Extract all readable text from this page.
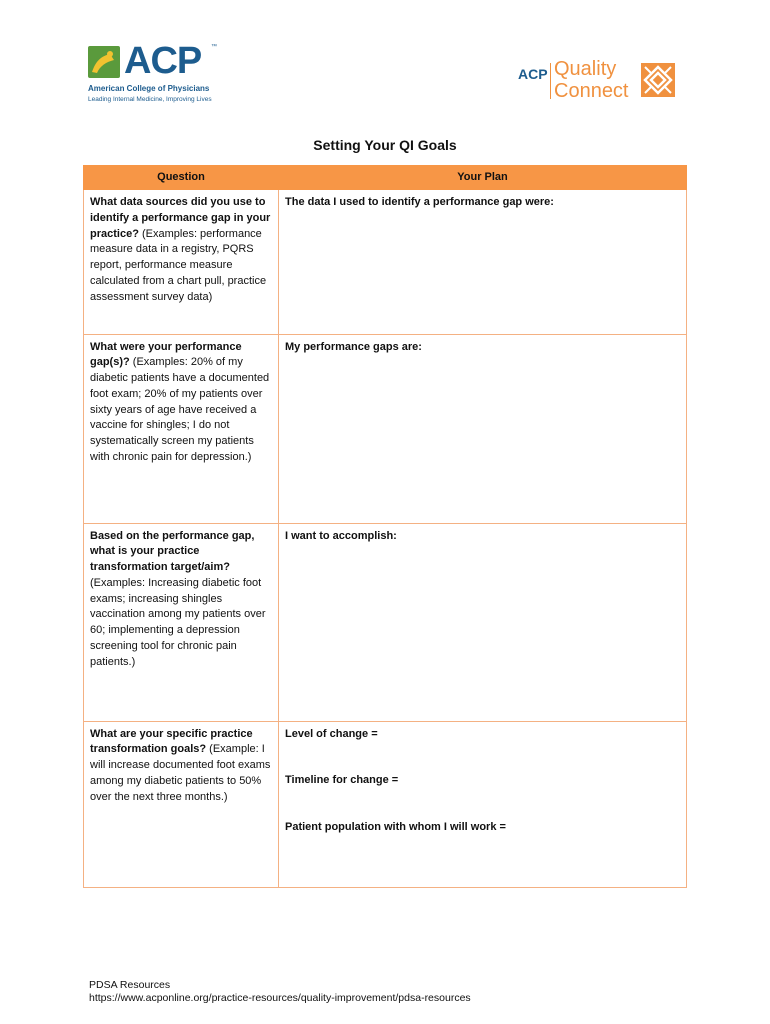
ACP ™
American College of Physicians
Leading Internal Medicine, Improving Lives
ACP Quality
Connect
Setting Your QI Goals
Question	Your Plan
What data sources did you use to identify a performance gap in your practice? (Examples: performance measure data in a registry, PQRS report, performance measure calculated from a chart pull, practice assessment survey data)	The data I used to identify a performance gap were:

What were your performance gap(s)? (Examples: 20% of my diabetic patients have a documented foot exam; 20% of my patients over sixty years of age have received a vaccine for shingles; I do not systematically screen my patients with chronic pain for depression.)	My performance gaps are:

Based on the performance gap, what is your practice transformation target/aim? (Examples: Increasing diabetic foot exams; increasing shingles vaccination among my patients over 60; implementing a depression screening tool for chronic pain patients.)	I want to accomplish:

What are your specific practice transformation goals? (Example: I will increase documented foot exams among my diabetic patients to 50% over the next three months.)	Level of change =
Timeline for change =
Patient population with whom I will work =
PDSA Resources
https://www.acponline.org/practice-resources/quality-improvement/pdsa-resources
